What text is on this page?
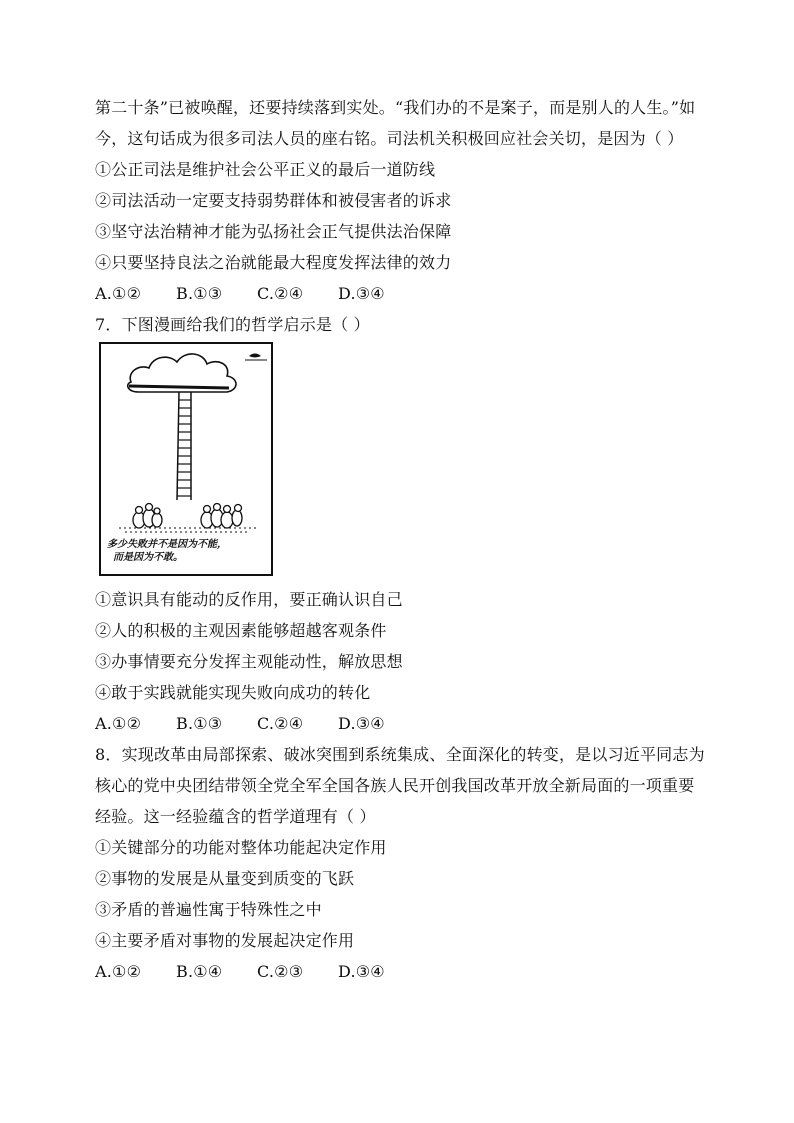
第二十条”已被唤醒，还要持续落到实处。“我们办的不是案子，而是别人的人生。”如
今，这句话成为很多司法人员的座右铭。司法机关积极回应社会关切，是因为（ ）
①公正司法是维护社会公平正义的最后一道防线
②司法活动一定要支持弱势群体和被侵害者的诉求
③坚守法治精神才能为弘扬社会正气提供法治保障
④只要坚持良法之治就能最大程度发挥法律的效力
A.①②	B.①③	C.②④	D.③④
7．下图漫画给我们的哲学启示是（ ）
多少失败并不是因为不能，
而是因为不敢。
①意识具有能动的反作用，要正确认识自己
②人的积极的主观因素能够超越客观条件
③办事情要充分发挥主观能动性，解放思想
④敢于实践就能实现失败向成功的转化
A.①②	B.①③	C.②④	D.③④
8．实现改革由局部探索、破冰突围到系统集成、全面深化的转变，是以习近平同志为
核心的党中央团结带领全党全军全国各族人民开创我国改革开放全新局面的一项重要
经验。这一经验蕴含的哲学道理有（ ）
①关键部分的功能对整体功能起决定作用
②事物的发展是从量变到质变的飞跃
③矛盾的普遍性寓于特殊性之中
④主要矛盾对事物的发展起决定作用
A.①②	B.①④	C.②③	D.③④
